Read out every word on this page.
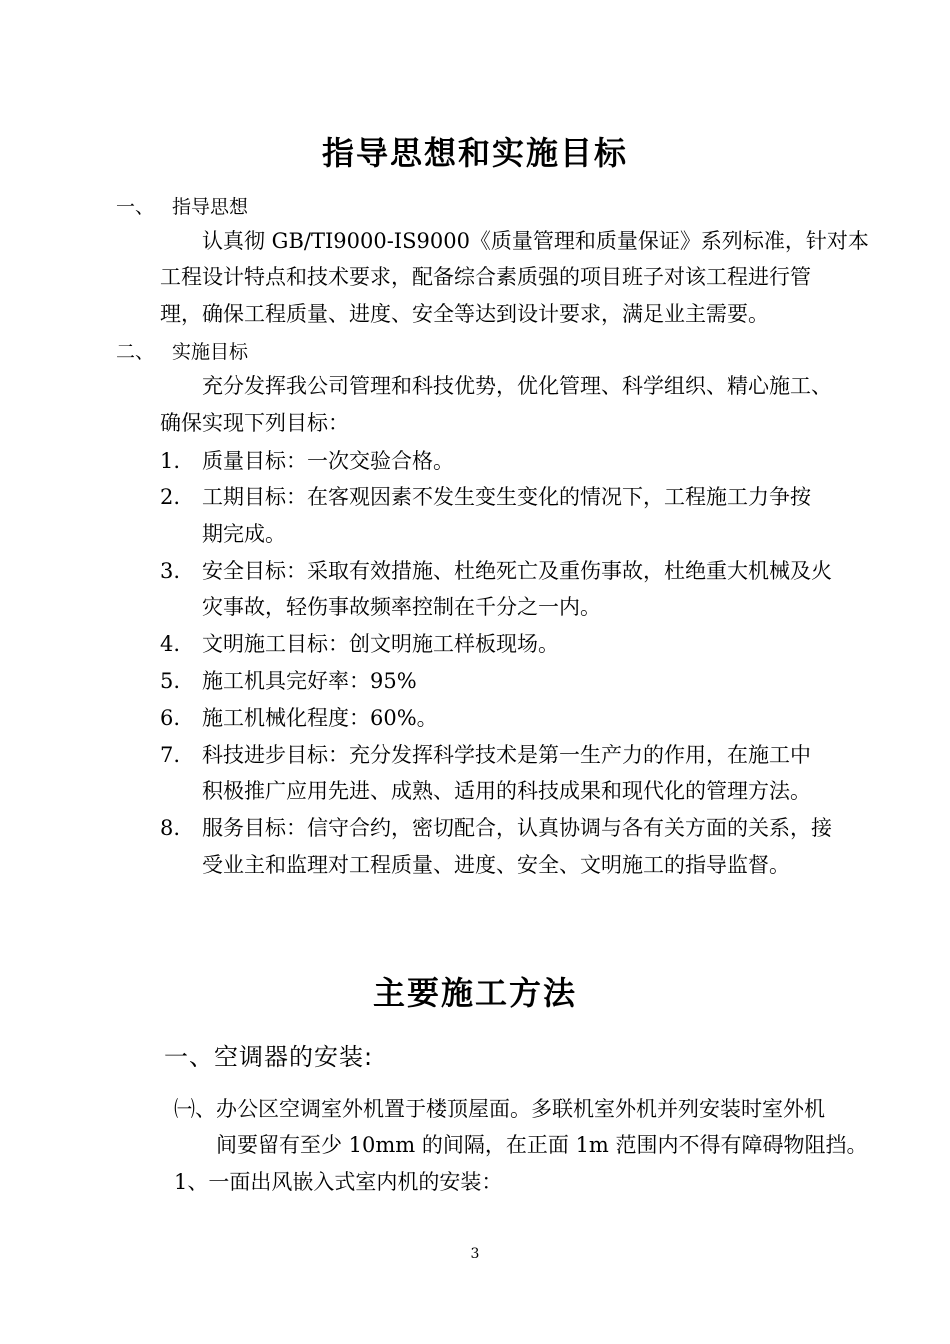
指导思想和实施目标
一、 指导思想
认真彻 GB/TI9000-IS9000《质量管理和质量保证》系列标准，针对本
工程设计特点和技术要求，配备综合素质强的项目班子对该工程进行管
理，确保工程质量、进度、安全等达到设计要求，满足业主需要。
二、 实施目标
充分发挥我公司管理和科技优势，优化管理、科学组织、精心施工、
确保实现下列目标：
1. 质量目标：一次交验合格。
2. 工期目标：在客观因素不发生变生变化的情况下，工程施工力争按
期完成。
3. 安全目标：采取有效措施、杜绝死亡及重伤事故，杜绝重大机械及火
灾事故，轻伤事故频率控制在千分之一内。
4. 文明施工目标：创文明施工样板现场。
5. 施工机具完好率：95%
6. 施工机械化程度：60%。
7. 科技进步目标：充分发挥科学技术是第一生产力的作用，在施工中
积极推广应用先进、成熟、适用的科技成果和现代化的管理方法。
8. 服务目标：信守合约，密切配合，认真协调与各有关方面的关系，接
受业主和监理对工程质量、进度、安全、文明施工的指导监督。
主要施工方法
一、空调器的安装:
㈠、办公区空调室外机置于楼顶屋面。多联机室外机并列安装时室外机
间要留有至少 10mm 的间隔，在正面 1m 范围内不得有障碍物阻挡。
1、一面出风嵌入式室内机的安装：
3
